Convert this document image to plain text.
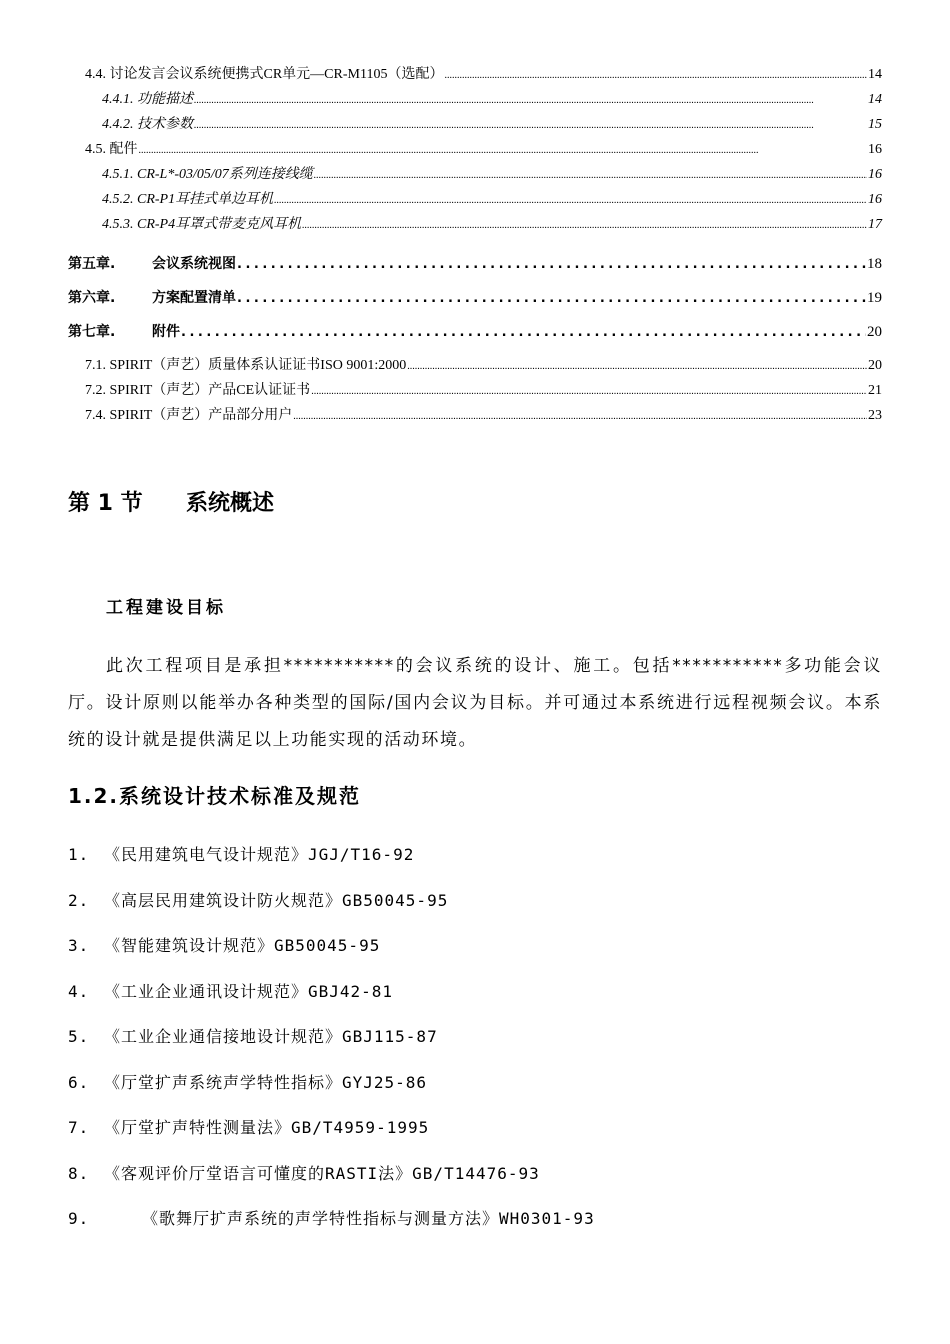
4.4. 讨论发言会议系统便携式CR单元—CR-M1105（选配） .....	14
4.4.1. 功能描述 .....	14
4.4.2. 技术参数 .....	15
4.5. 配件 .....	16
4.5.1. CR-L*-03/05/07系列连接线缆 .....	16
4.5.2. CR-P1耳挂式单边耳机 .....	16
4.5.3. CR-P4耳罩式带麦克风耳机 .....	17
第五章.	会议系统视图 .....	18
第六章.	方案配置清单 .....	19
第七章.	附件 .....	20
7.1. SPIRIT（声艺）质量体系认证证书ISO 9001:2000 .....	20
7.2. SPIRIT（声艺）产品CE认证证书 .....	21
7.4. SPIRIT（声艺）产品部分用户 .....	23
第 1 节 系统概述
工程建设目标
此次工程项目是承担***********的会议系统的设计、施工。包括***********多功能会议厅。设计原则以能举办各种类型的国际/国内会议为目标。并可通过本系统进行远程视频会议。本系统的设计就是提供满足以上功能实现的活动环境。
1.2.系统设计技术标准及规范
1. 《民用建筑电气设计规范》JGJ/T16-92
2. 《高层民用建筑设计防火规范》GB50045-95
3. 《智能建筑设计规范》GB50045-95
4. 《工业企业通讯设计规范》GBJ42-81
5. 《工业企业通信接地设计规范》GBJ115-87
6. 《厅堂扩声系统声学特性指标》GYJ25-86
7. 《厅堂扩声特性测量法》GB/T4959-1995
8. 《客观评价厅堂语言可懂度的RASTI法》GB/T14476-93
9.	《歌舞厅扩声系统的声学特性指标与测量方法》WH0301-93
